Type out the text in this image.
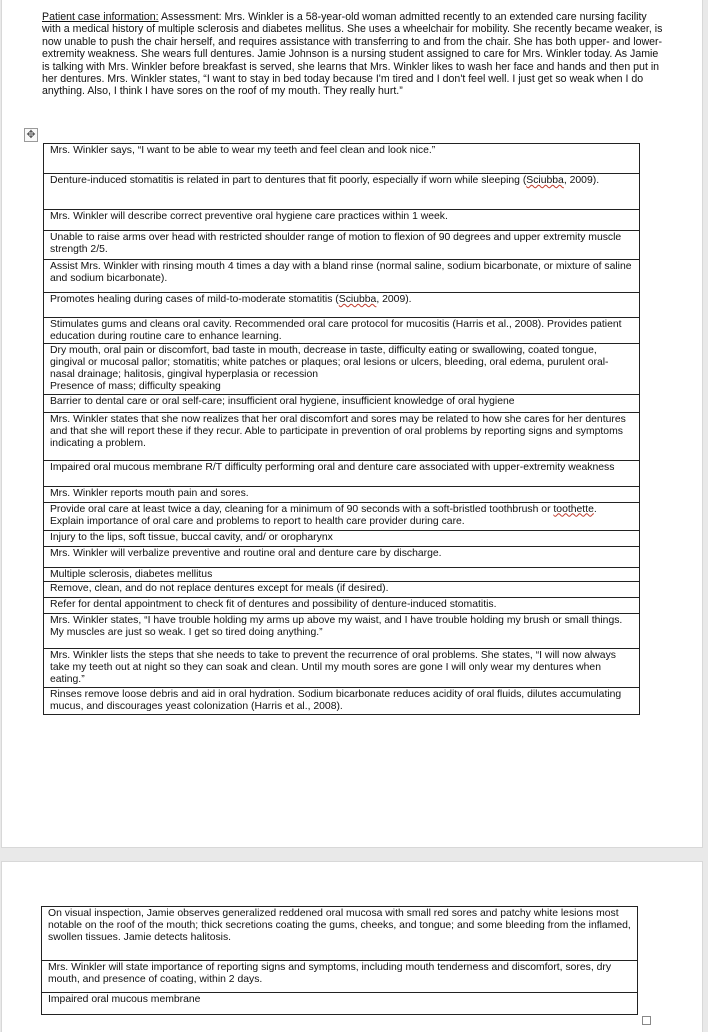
Patient case information: Assessment: Mrs. Winkler is a 58-year-old woman admitted recently to an extended care nursing facility with a medical history of multiple sclerosis and diabetes mellitus. She uses a wheelchair for mobility. She recently became weaker, is now unable to push the chair herself, and requires assistance with transferring to and from the chair. She has both upper- and lower-extremity weakness. She wears full dentures. Jamie Johnson is a nursing student assigned to care for Mrs. Winkler today. As Jamie is talking with Mrs. Winkler before breakfast is served, she learns that Mrs. Winkler likes to wash her face and hands and then put in her dentures. Mrs. Winkler states, “I want to stay in bed today because I'm tired and I don't feel well. I just get so weak when I do anything. Also, I think I have sores on the roof of my mouth. They really hurt.”
✥
Mrs. Winkler says, “I want to be able to wear my teeth and feel clean and look nice.”
Denture-induced stomatitis is related in part to dentures that fit poorly, especially if worn while sleeping (Sciubba, 2009).
Mrs. Winkler will describe correct preventive oral hygiene care practices within 1 week.
Unable to raise arms over head with restricted shoulder range of motion to flexion of 90 degrees and upper extremity muscle strength 2/5.
Assist Mrs. Winkler with rinsing mouth 4 times a day with a bland rinse (normal saline, sodium bicarbonate, or mixture of saline and sodium bicarbonate).
Promotes healing during cases of mild-to-moderate stomatitis (Sciubba, 2009).
Stimulates gums and cleans oral cavity. Recommended oral care protocol for mucositis (Harris et al., 2008). Provides patient education during routine care to enhance learning.
Dry mouth, oral pain or discomfort, bad taste in mouth, decrease in taste, difficulty eating or swallowing, coated tongue, gingival or mucosal pallor; stomatitis; white patches or plaques; oral lesions or ulcers, bleeding, oral edema, purulent oral- nasal drainage; halitosis, gingival hyperplasia or recession
Presence of mass; difficulty speaking
Barrier to dental care or oral self-care; insufficient oral hygiene, insufficient knowledge of oral hygiene
Mrs. Winkler states that she now realizes that her oral discomfort and sores may be related to how she cares for her dentures and that she will report these if they recur. Able to participate in prevention of oral problems by reporting signs and symptoms indicating a problem.
Impaired oral mucous membrane R/T difficulty performing oral and denture care associated with upper-extremity weakness
Mrs. Winkler reports mouth pain and sores.
Provide oral care at least twice a day, cleaning for a minimum of 90 seconds with a soft-bristled toothbrush or toothette. Explain importance of oral care and problems to report to health care provider during care.
Injury to the lips, soft tissue, buccal cavity, and/ or oropharynx
Mrs. Winkler will verbalize preventive and routine oral and denture care by discharge.
Multiple sclerosis, diabetes mellitus
Remove, clean, and do not replace dentures except for meals (if desired).
Refer for dental appointment to check fit of dentures and possibility of denture-induced stomatitis.
Mrs. Winkler states, “I have trouble holding my arms up above my waist, and I have trouble holding my brush or small things. My muscles are just so weak. I get so tired doing anything.”
Mrs. Winkler lists the steps that she needs to take to prevent the recurrence of oral problems. She states, “I will now always take my teeth out at night so they can soak and clean. Until my mouth sores are gone I will only wear my dentures when eating.”
Rinses remove loose debris and aid in oral hydration. Sodium bicarbonate reduces acidity of oral fluids, dilutes accumulating mucus, and discourages yeast colonization (Harris et al., 2008).
On visual inspection, Jamie observes generalized reddened oral mucosa with small red sores and patchy white lesions most notable on the roof of the mouth; thick secretions coating the gums, cheeks, and tongue; and some bleeding from the inflamed, swollen tissues. Jamie detects halitosis.
Mrs. Winkler will state importance of reporting signs and symptoms, including mouth tenderness and discomfort, sores, dry mouth, and presence of coating, within 2 days.
Impaired oral mucous membrane
